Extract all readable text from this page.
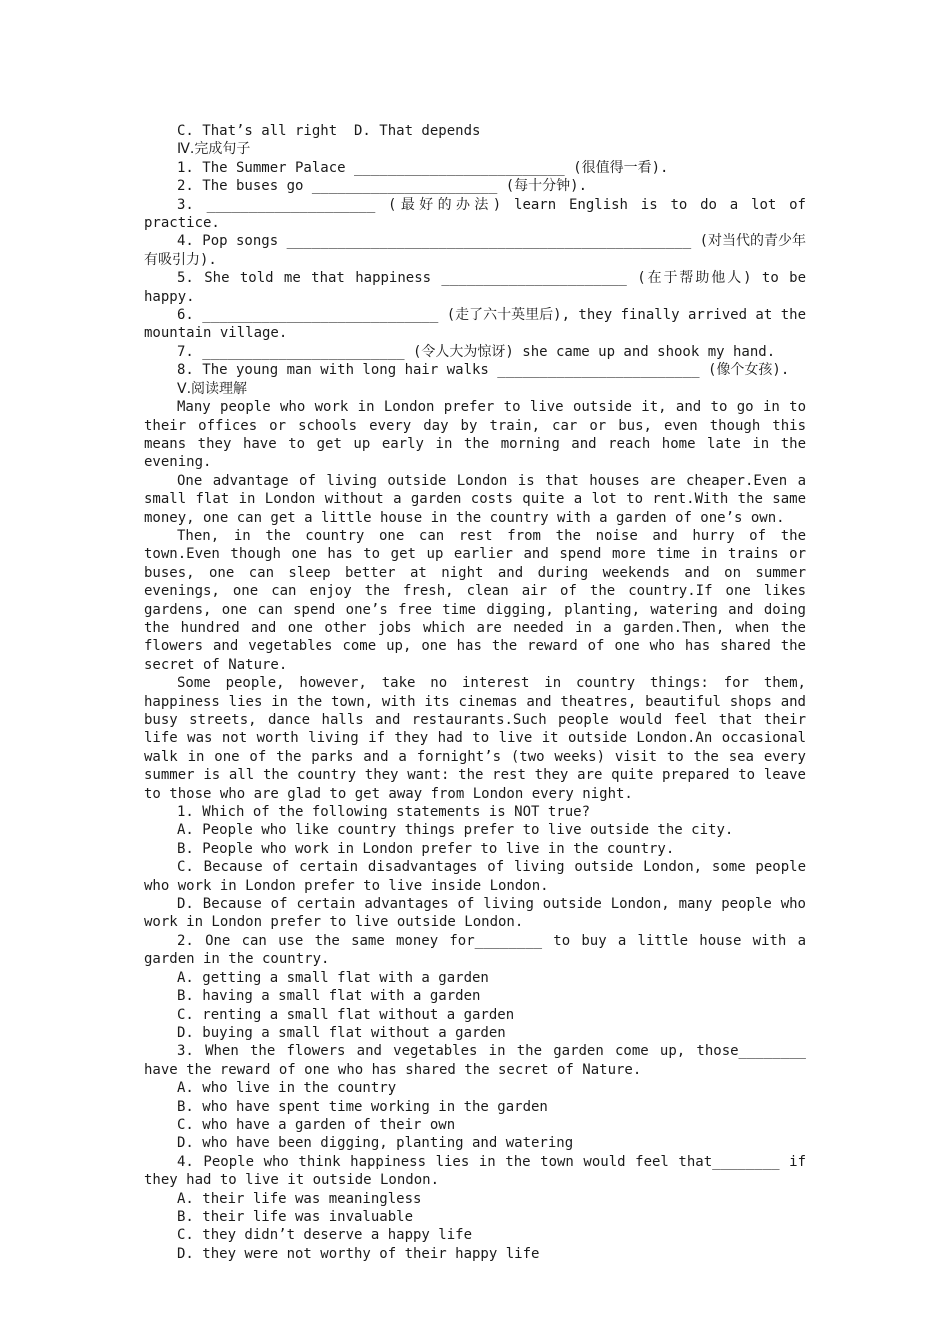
C. That’s all right  D. That depends

Ⅳ.完成句子

1. The Summer Palace _________________________ (很值得一看).

2. The buses go ______________________ (每十分钟).

3. ____________________ (最好的办法) learn English is to do a lot of practice.

4. Pop songs ________________________________________________ (对当代的青少年有吸引力).

5. She told me that happiness ______________________ (在于帮助他人) to be happy.

6. ____________________________ (走了六十英里后), they finally arrived at the mountain village.

7. ________________________ (令人大为惊讶) she came up and shook my hand.

8. The young man with long hair walks ________________________ (像个女孩).

Ⅴ.阅读理解

Many people who work in London prefer to live outside it, and to go in to their offices or schools every day by train, car or bus, even though this means they have to get up early in the morning and reach home late in the evening.

One advantage of living outside London is that houses are cheaper.Even a small flat in London without a garden costs quite a lot to rent.With the same money, one can get a little house in the country with a garden of one’s own.

Then, in the country one can rest from the noise and hurry of the town.Even though one has to get up earlier and spend more time in trains or buses, one can sleep better at night and during weekends and on summer evenings, one can enjoy the fresh, clean air of the country.If one likes gardens, one can spend one’s free time digging, planting, watering and doing the hundred and one other jobs which are needed in a garden.Then, when the flowers and vegetables come up, one has the reward of one who has shared the secret of Nature.

Some people, however, take no interest in country things: for them, happiness lies in the town, with its cinemas and theatres, beautiful shops and busy streets, dance halls and restaurants.Such people would feel that their life was not worth living if they had to live it outside London.An occasional walk in one of the parks and a fornight’s (two weeks) visit to the sea every summer is all the country they want: the rest they are quite prepared to leave to those who are glad to get away from London every night.

1. Which of the following statements is NOT true?

A. People who like country things prefer to live outside the city.

B. People who work in London prefer to live in the country.

C. Because of certain disadvantages of living outside London, some people who work in London prefer to live inside London.

D. Because of certain advantages of living outside London, many people who work in London prefer to live outside London.

2. One can use the same money for________ to buy a little house with a garden in the country.

A. getting a small flat with a garden

B. having a small flat with a garden

C. renting a small flat without a garden

D. buying a small flat without a garden

3. When the flowers and vegetables in the garden come up, those________ have the reward of one who has shared the secret of Nature.

A. who live in the country

B. who have spent time working in the garden

C. who have a garden of their own

D. who have been digging, planting and watering

4. People who think happiness lies in the town would feel that________ if they had to live it outside London.

A. their life was meaningless

B. their life was invaluable

C. they didn’t deserve a happy life

D. they were not worthy of their happy life
